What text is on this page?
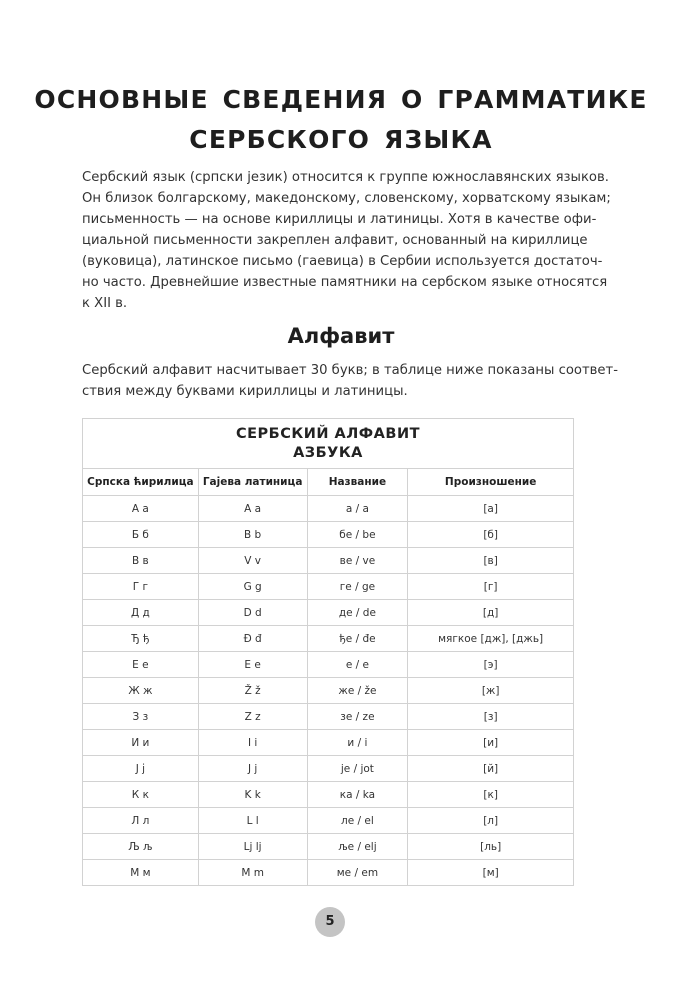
ОСНОВНЫЕ СВЕДЕНИЯ О ГРАММАТИКЕ
СЕРБСКОГО ЯЗЫКА
Сербский язык (српски језик) относится к группе южнославянских языков.
Он близок болгарскому, македонскому, словенскому, хорватскому языкам;
письменность — на основе кириллицы и латиницы. Хотя в качестве офи-
циальной письменности закреплен алфавит, основанный на кириллице
(вуковица), латинское письмо (гаевица) в Сербии используется достаточ-
но часто. Древнейшие известные памятники на сербском языке относятся
к XII в.
Алфавит
Сербский алфавит насчитывает 30 букв; в таблице ниже показаны соответ-
ствия между буквами кириллицы и латиницы.
СЕРБСКИЙ АЛФАВИТ
АЗБУКА			

Српска ћирилица	Гајева латиница	Название	Произношение
А а	A a	а / a	[а]
Б б	B b	бе / be	[б]
В в	V v	ве / ve	[в]
Г г	G g	ге / ge	[г]
Д д	D d	де / de	[д]
Ђ ђ	Đ đ	ђе / đe	мягкое [дж], [джь]
Е е	E e	е / e	[э]
Ж ж	Ž ž	же / že	[ж]
З з	Z z	зе / ze	[з]
И и	I i	и / i	[и]
Ј ј	J j	je / jot	[й]
К к	K k	ка / ka	[к]
Л л	L l	ле / el	[л]
Љ љ	Lj lj	ље / elj	[ль]
М м	M m	ме / em	[м]
5
